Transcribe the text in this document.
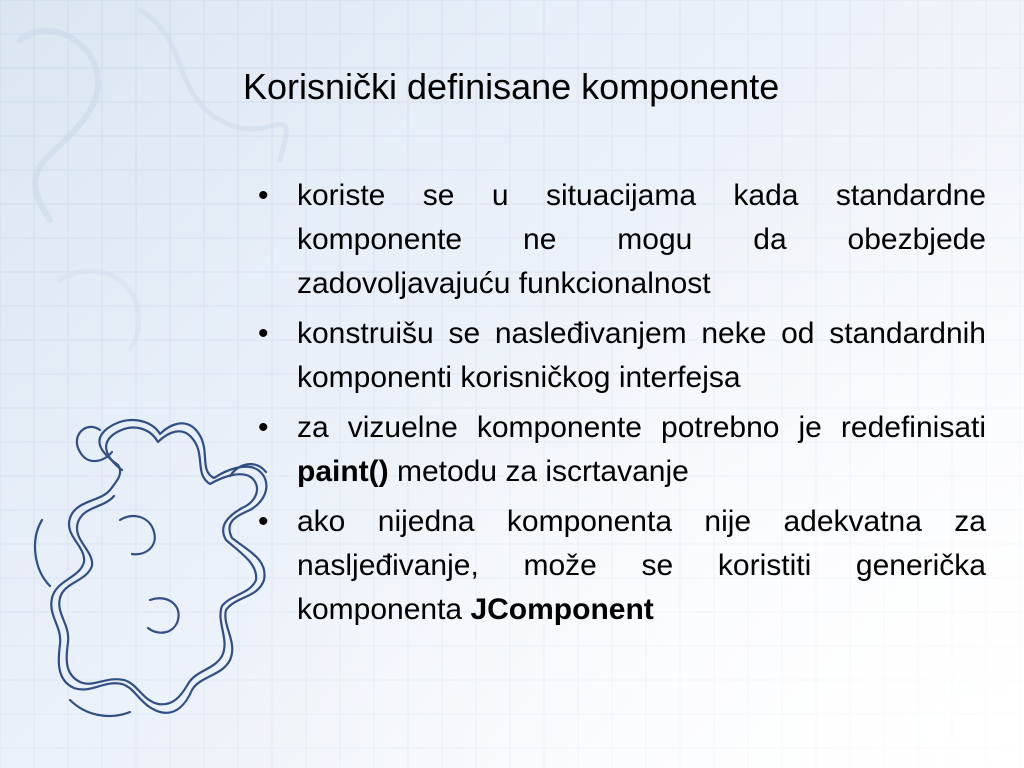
Korisnički definisane komponente
• koriste se u situacijama kada standardne komponente ne mogu da obezbjede zadovoljavajuću funkcionalnost
• konstruišu se nasleđivanjem neke od standardnih komponenti korisničkog interfejsa
• za vizuelne komponente potrebno je redefinisati paint() metodu za iscrtavanje
• ako nijedna komponenta nije adekvatna za nasljeđivanje, može se koristiti generička komponenta JComponent
